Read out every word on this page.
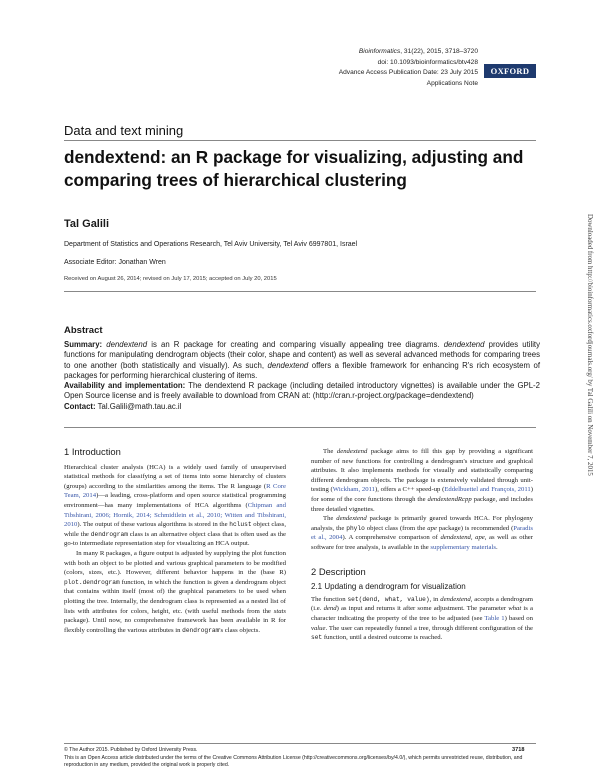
Bioinformatics, 31(22), 2015, 3718–3720
doi: 10.1093/bioinformatics/btv428
Advance Access Publication Date: 23 July 2015
Applications Note
OXFORD
Data and text mining
dendextend: an R package for visualizing, adjusting and comparing trees of hierarchical clustering
Tal Galili
Department of Statistics and Operations Research, Tel Aviv University, Tel Aviv 6997801, Israel
Associate Editor: Jonathan Wren
Received on August 26, 2014; revised on July 17, 2015; accepted on July 20, 2015
Abstract

Summary: dendextend is an R package for creating and comparing visually appealing tree diagrams. dendextend provides utility functions for manipulating dendrogram objects (their color, shape and content) as well as several advanced methods for comparing trees to one another (both statistically and visually). As such, dendextend offers a flexible framework for enhancing R's rich ecosystem of packages for performing hierarchical clustering of items.

Availability and implementation: The dendextend R package (including detailed introductory vignettes) is available under the GPL-2 Open Source license and is freely available to download from CRAN at: (http://cran.r-project.org/package=dendextend)

Contact: Tal.Galili@math.tau.ac.il

1 Introduction

Hierarchical cluster analysis (HCA) is a widely used family of unsupervised statistical methods for classifying a set of items into some hierarchy of clusters (groups) according to the similarities among the items. The R language (R Core Team, 2014)—a leading, cross-platform and open source statistical programming environment—has many implementations of HCA algorithms (Chipman and Tibshirani, 2006; Hornik, 2014; Schmidtlein et al., 2010; Witten and Tibshirani, 2010). The output of these various algorithms is stored in the hclust object class, while the dendrogram class is an alternative object class that is often used as the go-to intermediate representation step for visualizing an HCA output.

In many R packages, a figure output is adjusted by supplying the plot function with both an object to be plotted and various graphical parameters to be modified (colors, sizes, etc.). However, different behavior happens in the (base R) plot.dendrogram function, in which the function is given a dendrogram object that contains within itself (most of) the graphical parameters to be used when plotting the tree. Internally, the dendrogram class is represented as a nested list of lists with attributes for colors, height, etc. (with useful methods from the stats package). Until now, no comprehensive framework has been available in R for flexibly controlling the various attributes in dendrogram's class objects.

The dendextend package aims to fill this gap by providing a significant number of new functions for controlling a dendrogram's structure and graphical attributes. It also implements methods for visually and statistically comparing different dendrogram objects. The package is extensively validated through unit-testing (Wickham, 2011), offers a C++ speed-up (Eddelbuettel and François, 2011) for some of the core functions through the dendextendRcpp package, and includes three detailed vignettes.

The dendextend package is primarily geared towards HCA. For phylogeny analysis, the phylo object class (from the ape package) is recommended (Paradis et al., 2004). A comprehensive comparison of dendextend, ape, as well as other software for tree analysis, is available in the supplementary materials.

2 Description
2.1 Updating a dendrogram for visualization

The function set(dend, what, value), in dendextend, accepts a dendrogram (i.e. dend) as input and returns it after some adjustment. The parameter what is a character indicating the property of the tree to be adjusted (see Table 1) based on value. The user can repeatedly funnel a tree, through different configuration of the set function, until a desired outcome is reached.

© The Author 2015. Published by Oxford University Press.	3718
This is an Open Access article distributed under the terms of the Creative Commons Attribution License (http://creativecommons.org/licenses/by/4.0/), which permits unrestricted reuse, distribution, and reproduction in any medium, provided the original work is properly cited.
Downloaded from http://bioinformatics.oxfordjournals.org/ by Tal Galili on November 7, 2015
